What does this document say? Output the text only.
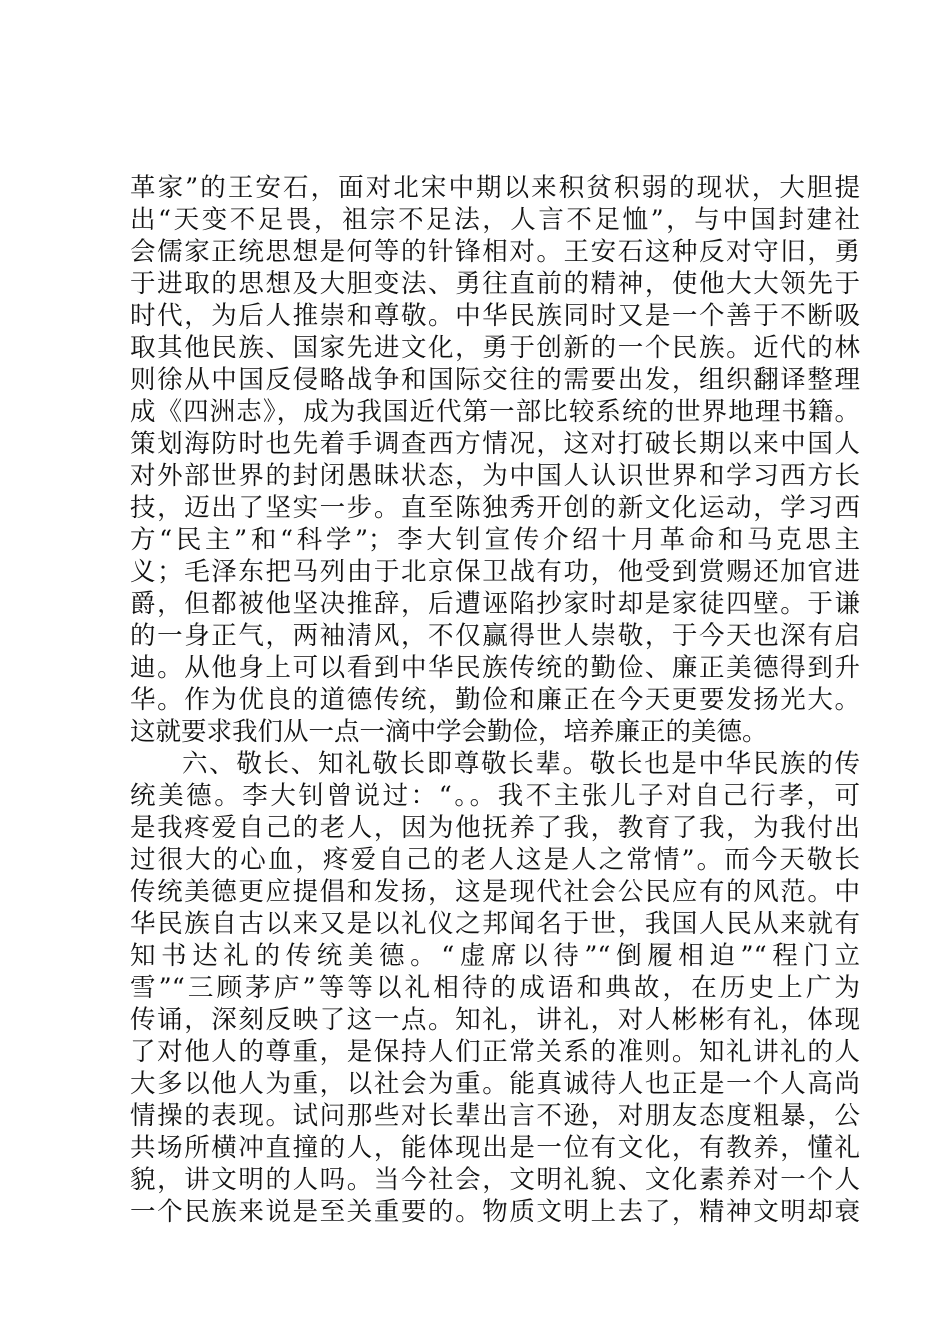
革家”的王安石，面对北宋中期以来积贫积弱的现状，大胆提
出“天变不足畏，祖宗不足法，人言不足恤”，与中国封建社
会儒家正统思想是何等的针锋相对。王安石这种反对守旧，勇
于进取的思想及大胆变法、勇往直前的精神，使他大大领先于
时代，为后人推崇和尊敬。中华民族同时又是一个善于不断吸
取其他民族、国家先进文化，勇于创新的一个民族。近代的林
则徐从中国反侵略战争和国际交往的需要出发，组织翻译整理
成《四洲志》，成为我国近代第一部比较系统的世界地理书籍。
策划海防时也先着手调查西方情况，这对打破长期以来中国人
对外部世界的封闭愚昧状态，为中国人认识世界和学习西方长
技，迈出了坚实一步。直至陈独秀开创的新文化运动，学习西
方“民主”和“科学”；李大钊宣传介绍十月革命和马克思主
义；毛泽东把马列由于北京保卫战有功，他受到赏赐还加官进
爵，但都被他坚决推辞，后遭诬陷抄家时却是家徒四壁。于谦
的一身正气，两袖清风，不仅赢得世人崇敬，于今天也深有启
迪。从他身上可以看到中华民族传统的勤俭、廉正美德得到升
华。作为优良的道德传统，勤俭和廉正在今天更要发扬光大。
这就要求我们从一点一滴中学会勤俭，培养廉正的美德。
六、敬长、知礼敬长即尊敬长辈。敬长也是中华民族的传
统美德。李大钊曾说过：“。。我不主张儿子对自己行孝，可
是我疼爱自己的老人，因为他抚养了我，教育了我，为我付出
过很大的心血，疼爱自己的老人这是人之常情”。而今天敬长
传统美德更应提倡和发扬，这是现代社会公民应有的风范。中
华民族自古以来又是以礼仪之邦闻名于世，我国人民从来就有
知书达礼的传统美德。“虚席以待”“倒履相迫”“程门立
雪”“三顾茅庐”等等以礼相待的成语和典故，在历史上广为
传诵，深刻反映了这一点。知礼，讲礼，对人彬彬有礼，体现
了对他人的尊重，是保持人们正常关系的准则。知礼讲礼的人
大多以他人为重，以社会为重。能真诚待人也正是一个人高尚
情操的表现。试问那些对长辈出言不逊，对朋友态度粗暴，公
共场所横冲直撞的人，能体现出是一位有文化，有教养，懂礼
貌，讲文明的人吗。当今社会，文明礼貌、文化素养对一个人
一个民族来说是至关重要的。物质文明上去了，精神文明却衰
